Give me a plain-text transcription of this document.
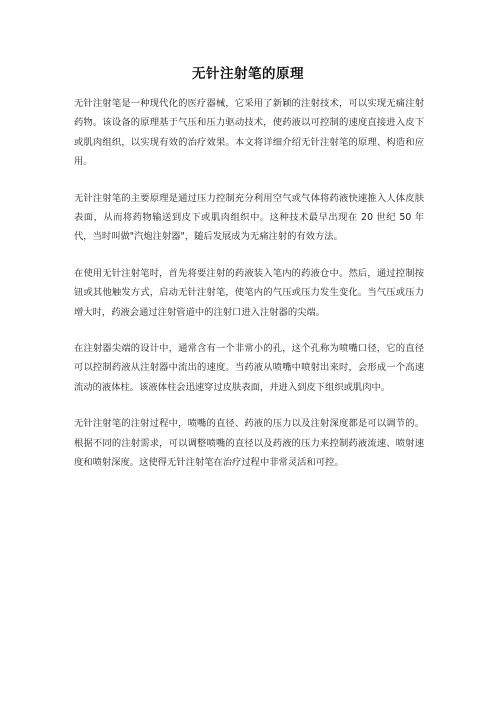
无针注射笔的原理

无针注射笔是一种现代化的医疗器械，它采用了新颖的注射技术，可以实现无痛注射药物。该设备的原理基于气压和压力驱动技术，使药液以可控制的速度直接进入皮下或肌肉组织，以实现有效的治疗效果。本文将详细介绍无针注射笔的原理、构造和应用。

无针注射笔的主要原理是通过压力控制充分利用空气或气体将药液快速推入人体皮肤表面，从而将药物输送到皮下或肌肉组织中。这种技术最早出现在 20 世纪 50 年代，当时叫做"汽炮注射器"，随后发展成为无痛注射的有效方法。

在使用无针注射笔时，首先将要注射的药液装入笔内的药液仓中。然后，通过控制按钮或其他触发方式，启动无针注射笔，使笔内的气压或压力发生变化。当气压或压力增大时，药液会通过注射管道中的注射口进入注射器的尖端。

在注射器尖端的设计中，通常含有一个非常小的孔，这个孔称为喷嘴口径，它的直径可以控制药液从注射器中流出的速度。当药液从喷嘴中喷射出来时，会形成一个高速流动的液体柱。该液体柱会迅速穿过皮肤表面，并进入到皮下组织或肌肉中。

无针注射笔的注射过程中，喷嘴的直径、药液的压力以及注射深度都是可以调节的。根据不同的注射需求，可以调整喷嘴的直径以及药液的压力来控制药液流速、喷射速度和喷射深度。这使得无针注射笔在治疗过程中非常灵活和可控。
